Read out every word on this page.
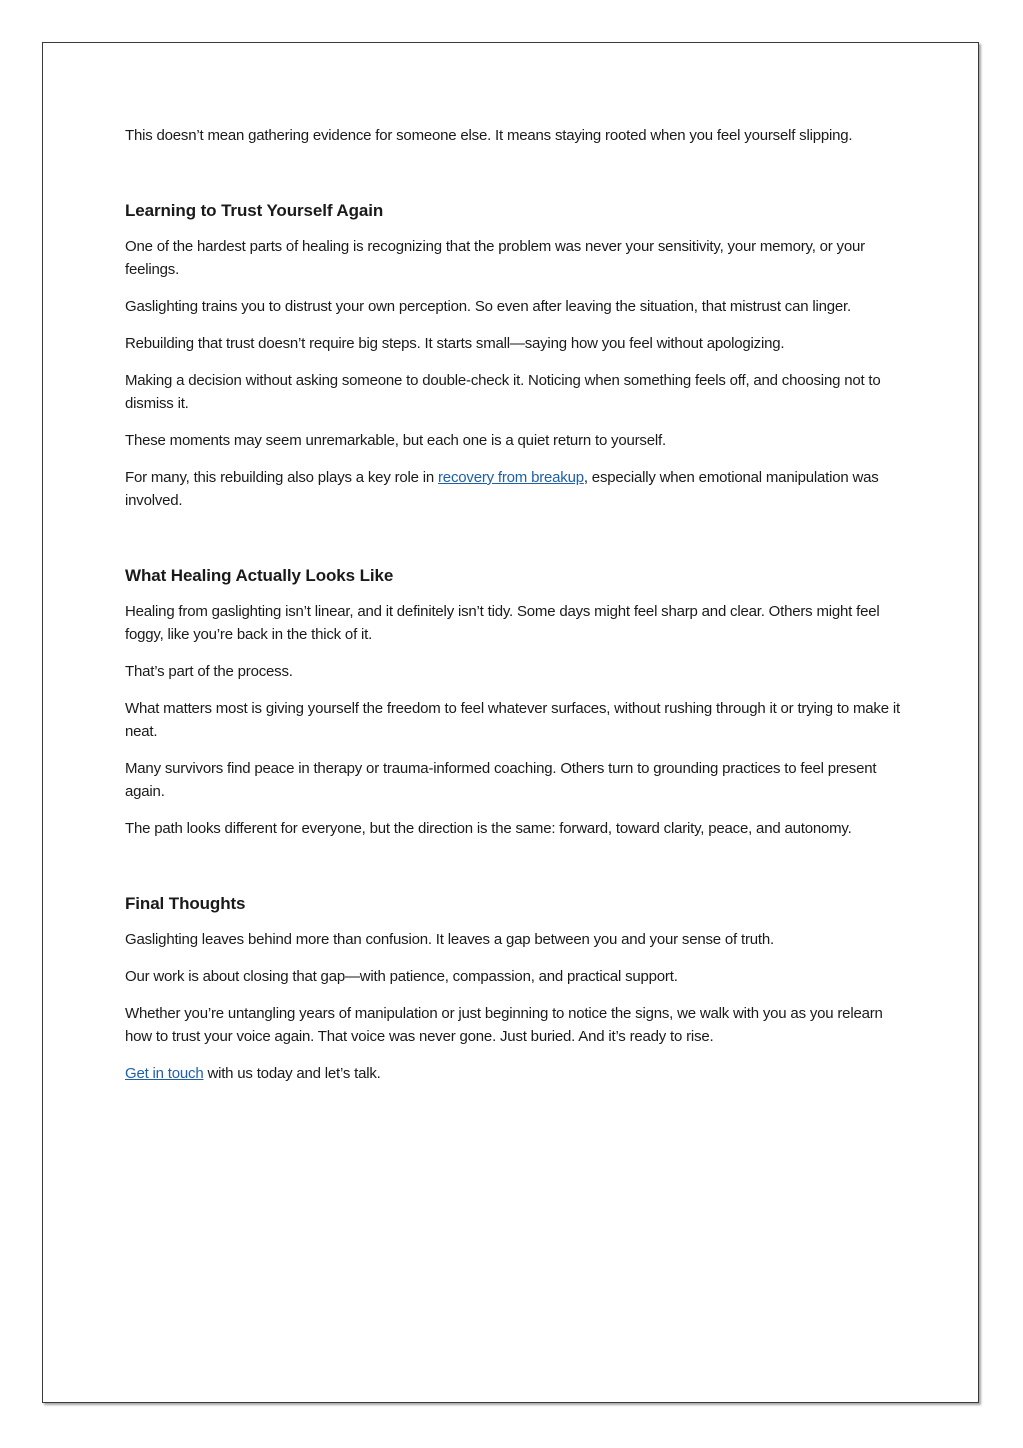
This doesn’t mean gathering evidence for someone else. It means staying rooted when you feel yourself slipping.

Learning to Trust Yourself Again

One of the hardest parts of healing is recognizing that the problem was never your sensitivity, your memory, or your feelings.

Gaslighting trains you to distrust your own perception. So even after leaving the situation, that mistrust can linger.

Rebuilding that trust doesn’t require big steps. It starts small—saying how you feel without apologizing.

Making a decision without asking someone to double-check it. Noticing when something feels off, and choosing not to dismiss it.

These moments may seem unremarkable, but each one is a quiet return to yourself.

For many, this rebuilding also plays a key role in recovery from breakup, especially when emotional manipulation was involved.

What Healing Actually Looks Like

Healing from gaslighting isn’t linear, and it definitely isn’t tidy. Some days might feel sharp and clear. Others might feel foggy, like you’re back in the thick of it.

That’s part of the process.

What matters most is giving yourself the freedom to feel whatever surfaces, without rushing through it or trying to make it neat.

Many survivors find peace in therapy or trauma-informed coaching. Others turn to grounding practices to feel present again.

The path looks different for everyone, but the direction is the same: forward, toward clarity, peace, and autonomy.

Final Thoughts

Gaslighting leaves behind more than confusion. It leaves a gap between you and your sense of truth.

Our work is about closing that gap—with patience, compassion, and practical support.

Whether you’re untangling years of manipulation or just beginning to notice the signs, we walk with you as you relearn how to trust your voice again. That voice was never gone. Just buried. And it’s ready to rise.

Get in touch with us today and let’s talk.
